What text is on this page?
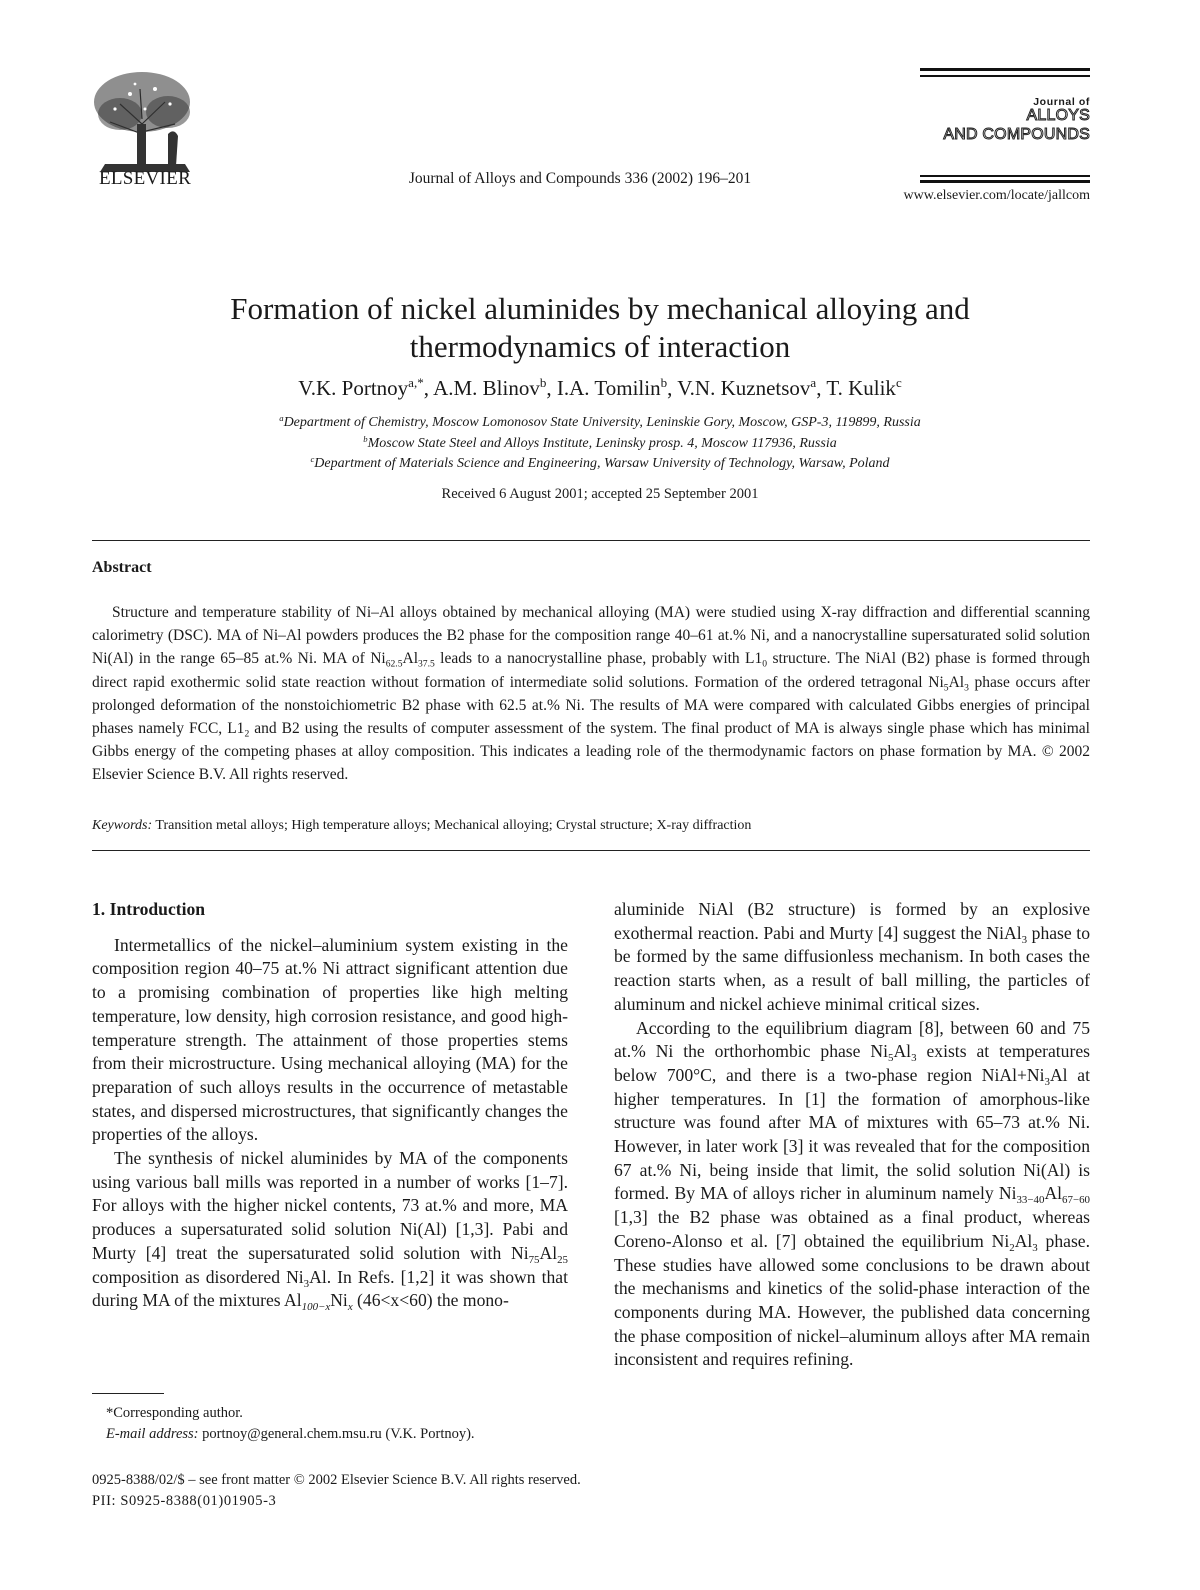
ELSEVIER	Journal of Alloys and Compounds 336 (2002) 196–201
Journal of
ALLOYS
AND COMPOUNDS
www.elsevier.com/locate/jallcom
Formation of nickel aluminides by mechanical alloying and
thermodynamics of interaction
V.K. Portnoy$^{a,*}$, A.M. Blinov$^b$, I.A. Tomilin$^b$, V.N. Kuznetsov$^a$, T. Kulik$^c$
$^a$Department of Chemistry, Moscow Lomonosov State University, Leninskie Gory, Moscow, GSP-3, 119899, Russia
$^b$Moscow State Steel and Alloys Institute, Leninsky prosp. 4, Moscow 117936, Russia
$^c$Department of Materials Science and Engineering, Warsaw University of Technology, Warsaw, Poland
Received 6 August 2001; accepted 25 September 2001
Abstract
Structure and temperature stability of Ni–Al alloys obtained by mechanical alloying (MA) were studied using X-ray diffraction and differential scanning calorimetry (DSC). MA of Ni–Al powders produces the B2 phase for the composition range 40–61 at.% Ni, and a nanocrystalline supersaturated solid solution Ni(Al) in the range 65–85 at.% Ni. MA of $Ni_{62.5}Al_{37.5}$ leads to a nanocrystalline phase, probably with $L1_0$ structure. The NiAl (B2) phase is formed through direct rapid exothermic solid state reaction without formation of intermediate solid solutions. Formation of the ordered tetragonal $Ni_5Al_3$ phase occurs after prolonged deformation of the nonstoichiometric B2 phase with 62.5 at.% Ni. The results of MA were compared with calculated Gibbs energies of principal phases namely FCC, $L1_2$ and B2 using the results of computer assessment of the system. The final product of MA is always single phase which has minimal Gibbs energy of the competing phases at alloy composition. This indicates a leading role of the thermodynamic factors on phase formation by MA. © 2002 Elsevier Science B.V. All rights reserved.
Keywords: Transition metal alloys; High temperature alloys; Mechanical alloying; Crystal structure; X-ray diffraction
1. Introduction

Intermetallics of the nickel–aluminium system existing in the composition region 40–75 at.% Ni attract significant attention due to a promising combination of properties like high melting temperature, low density, high corrosion resistance, and good high-temperature strength. The attainment of those properties stems from their microstructure. Using mechanical alloying (MA) for the preparation of such alloys results in the occurrence of metastable states, and dispersed microstructures, that significantly changes the properties of the alloys.

The synthesis of nickel aluminides by MA of the components using various ball mills was reported in a number of works [1–7]. For alloys with the higher nickel contents, 73 at.% and more, MA produces a supersaturated solid solution Ni(Al) [1,3]. Pabi and Murty [4] treat the supersaturated solid solution with $Ni_{75}Al_{25}$ composition as disordered $Ni_3Al$. In Refs. [1,2] it was shown that during MA of the mixtures $Al_{100-x}Ni_x$ (46<x<60) the mono-

aluminide NiAl (B2 structure) is formed by an explosive exothermal reaction. Pabi and Murty [4] suggest the NiAl$_3$ phase to be formed by the same diffusionless mechanism. In both cases the reaction starts when, as a result of ball milling, the particles of aluminum and nickel achieve minimal critical sizes.

According to the equilibrium diagram [8], between 60 and 75 at.% Ni the orthorhombic phase $Ni_5Al_3$ exists at temperatures below 700°C, and there is a two-phase region $NiAl+Ni_3Al$ at higher temperatures. In [1] the formation of amorphous-like structure was found after MA of mixtures with 65–73 at.% Ni. However, in later work [3] it was revealed that for the composition 67 at.% Ni, being inside that limit, the solid solution Ni(Al) is formed. By MA of alloys richer in aluminum namely $Ni_{33-40}Al_{67-60}$ [1,3] the B2 phase was obtained as a final product, whereas Coreno-Alonso et al. [7] obtained the equilibrium $Ni_2Al_3$ phase. These studies have allowed some conclusions to be drawn about the mechanisms and kinetics of the solid-phase interaction of the components during MA. However, the published data concerning the phase composition of nickel–aluminum alloys after MA remain inconsistent and requires refining.

*Corresponding author.
E-mail address: portnoy@general.chem.msu.ru (V.K. Portnoy).
0925-8388/02/$ – see front matter © 2002 Elsevier Science B.V. All rights reserved.
PII: S0925-8388(01)01905-3
